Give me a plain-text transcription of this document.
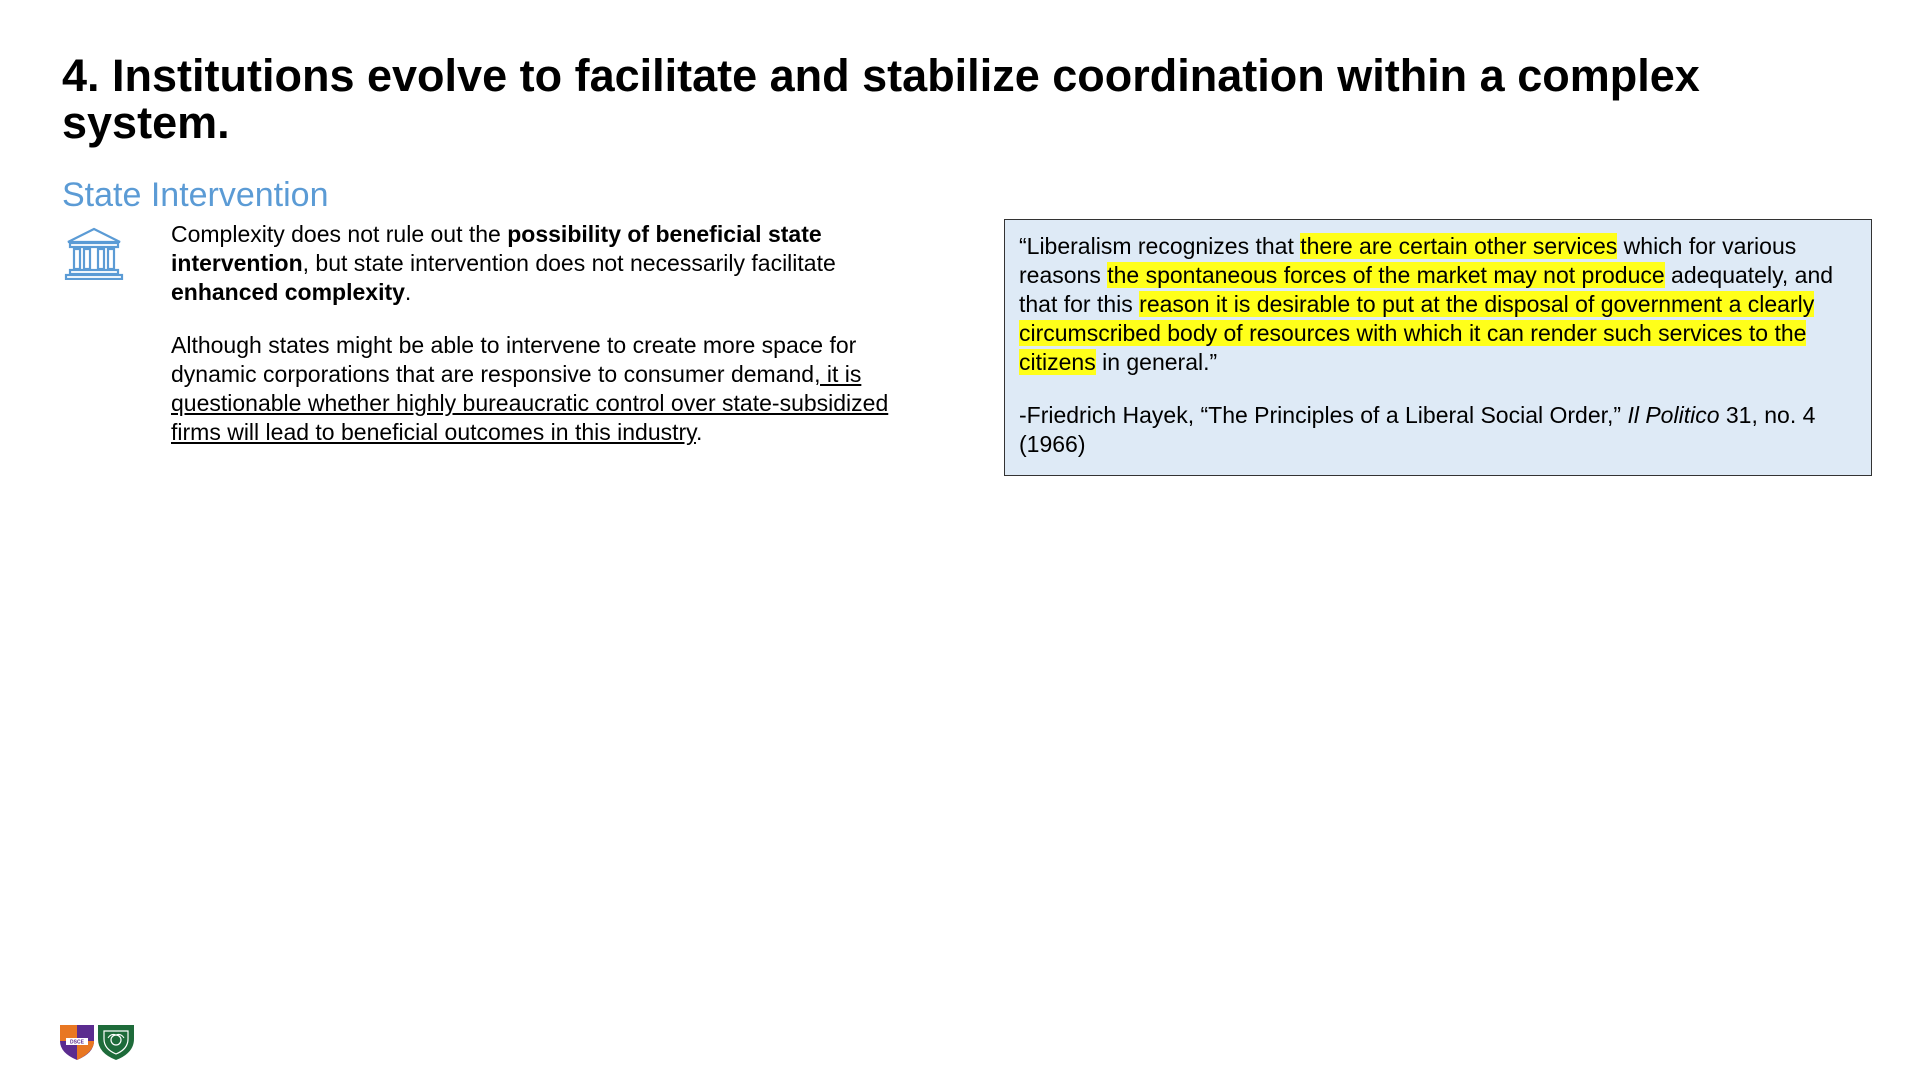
4. Institutions evolve to facilitate and stabilize coordination within a complex system.
State Intervention

Complexity does not rule out the possibility of beneficial state intervention, but state intervention does not necessarily facilitate enhanced complexity.

Although states might be able to intervene to create more space for dynamic corporations that are responsive to consumer demand, it is questionable whether highly bureaucratic control over state-subsidized firms will lead to beneficial outcomes in this industry.

“Liberalism recognizes that there are certain other services which for various reasons the spontaneous forces of the market may not produce adequately, and that for this reason it is desirable to put at the disposal of government a clearly circumscribed body of resources with which it can render such services to the citizens in general.”

-Friedrich Hayek, “The Principles of a Liberal Social Order,” Il Politico 31, no. 4 (1966)

DSCE
